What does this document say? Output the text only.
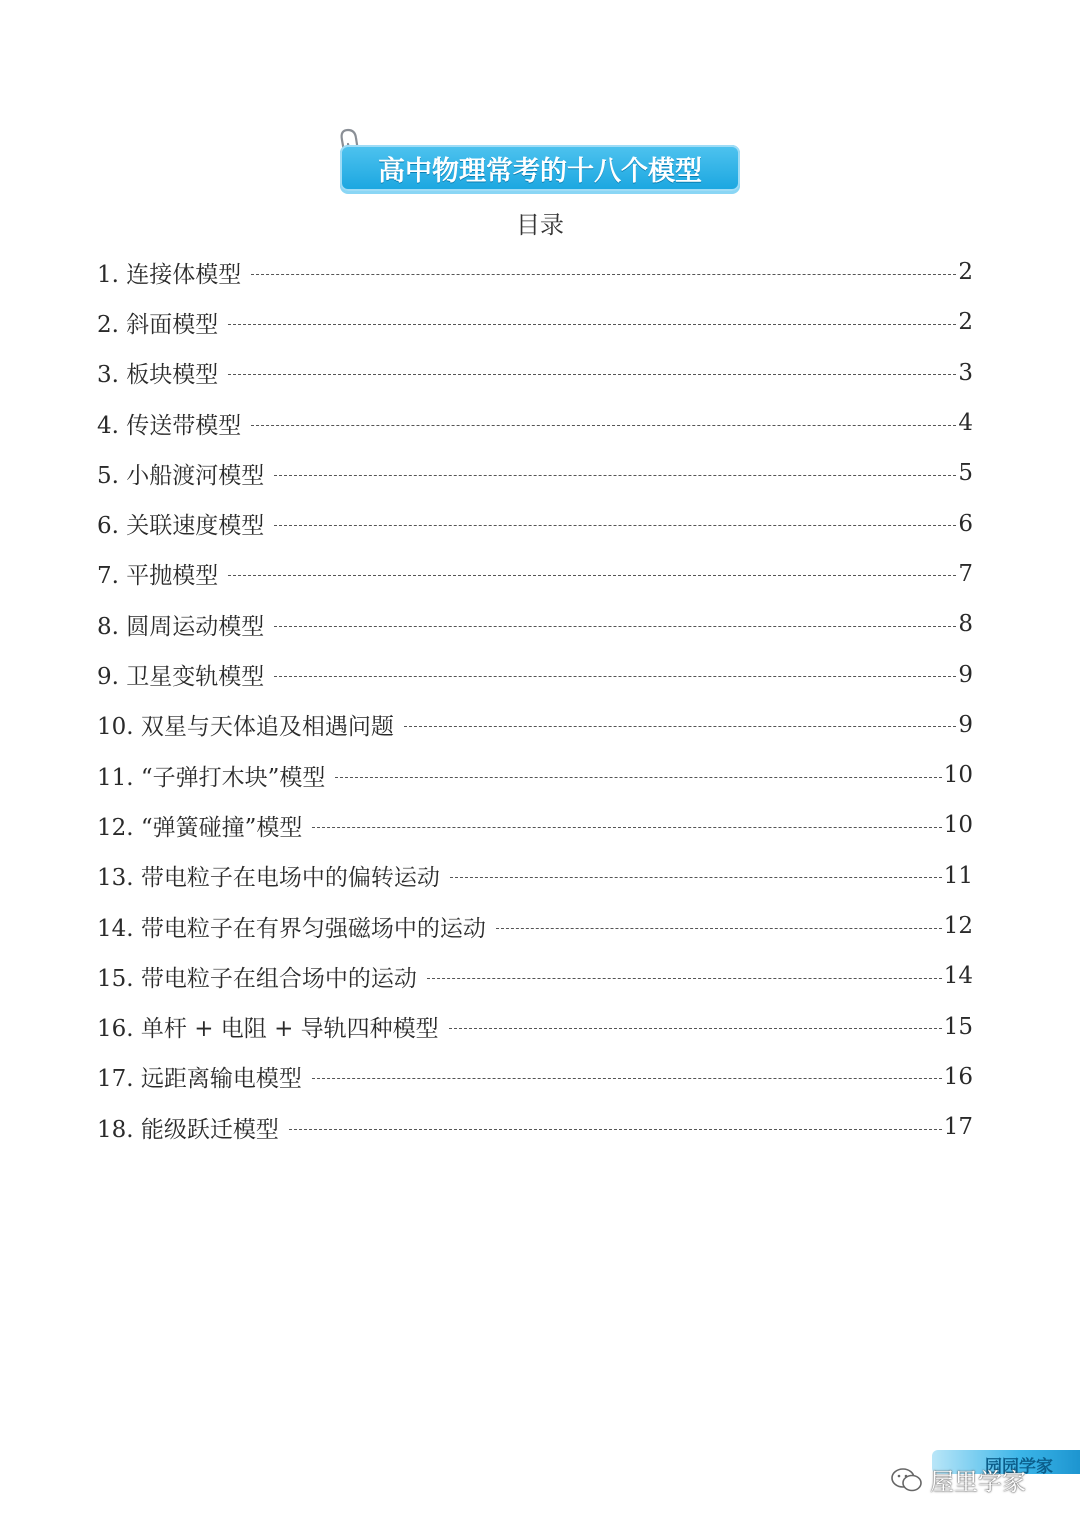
高中物理常考的十八个模型
目录
1. 连接体模型	2
2. 斜面模型	2
3. 板块模型	3
4. 传送带模型	4
5. 小船渡河模型	5
6. 关联速度模型	6
7. 平抛模型	7
8. 圆周运动模型	8
9. 卫星变轨模型	9
10. 双星与天体追及相遇问题	9
11. “子弹打木块”模型	10
12. “弹簧碰撞”模型	10
13. 带电粒子在电场中的偏转运动	11
14. 带电粒子在有界匀强磁场中的运动	12
15. 带电粒子在组合场中的运动	14
16. 单杆 + 电阻 + 导轨四种模型	15
17. 远距离输电模型	16
18. 能级跃迁模型	17
园园学家
屋里学家
